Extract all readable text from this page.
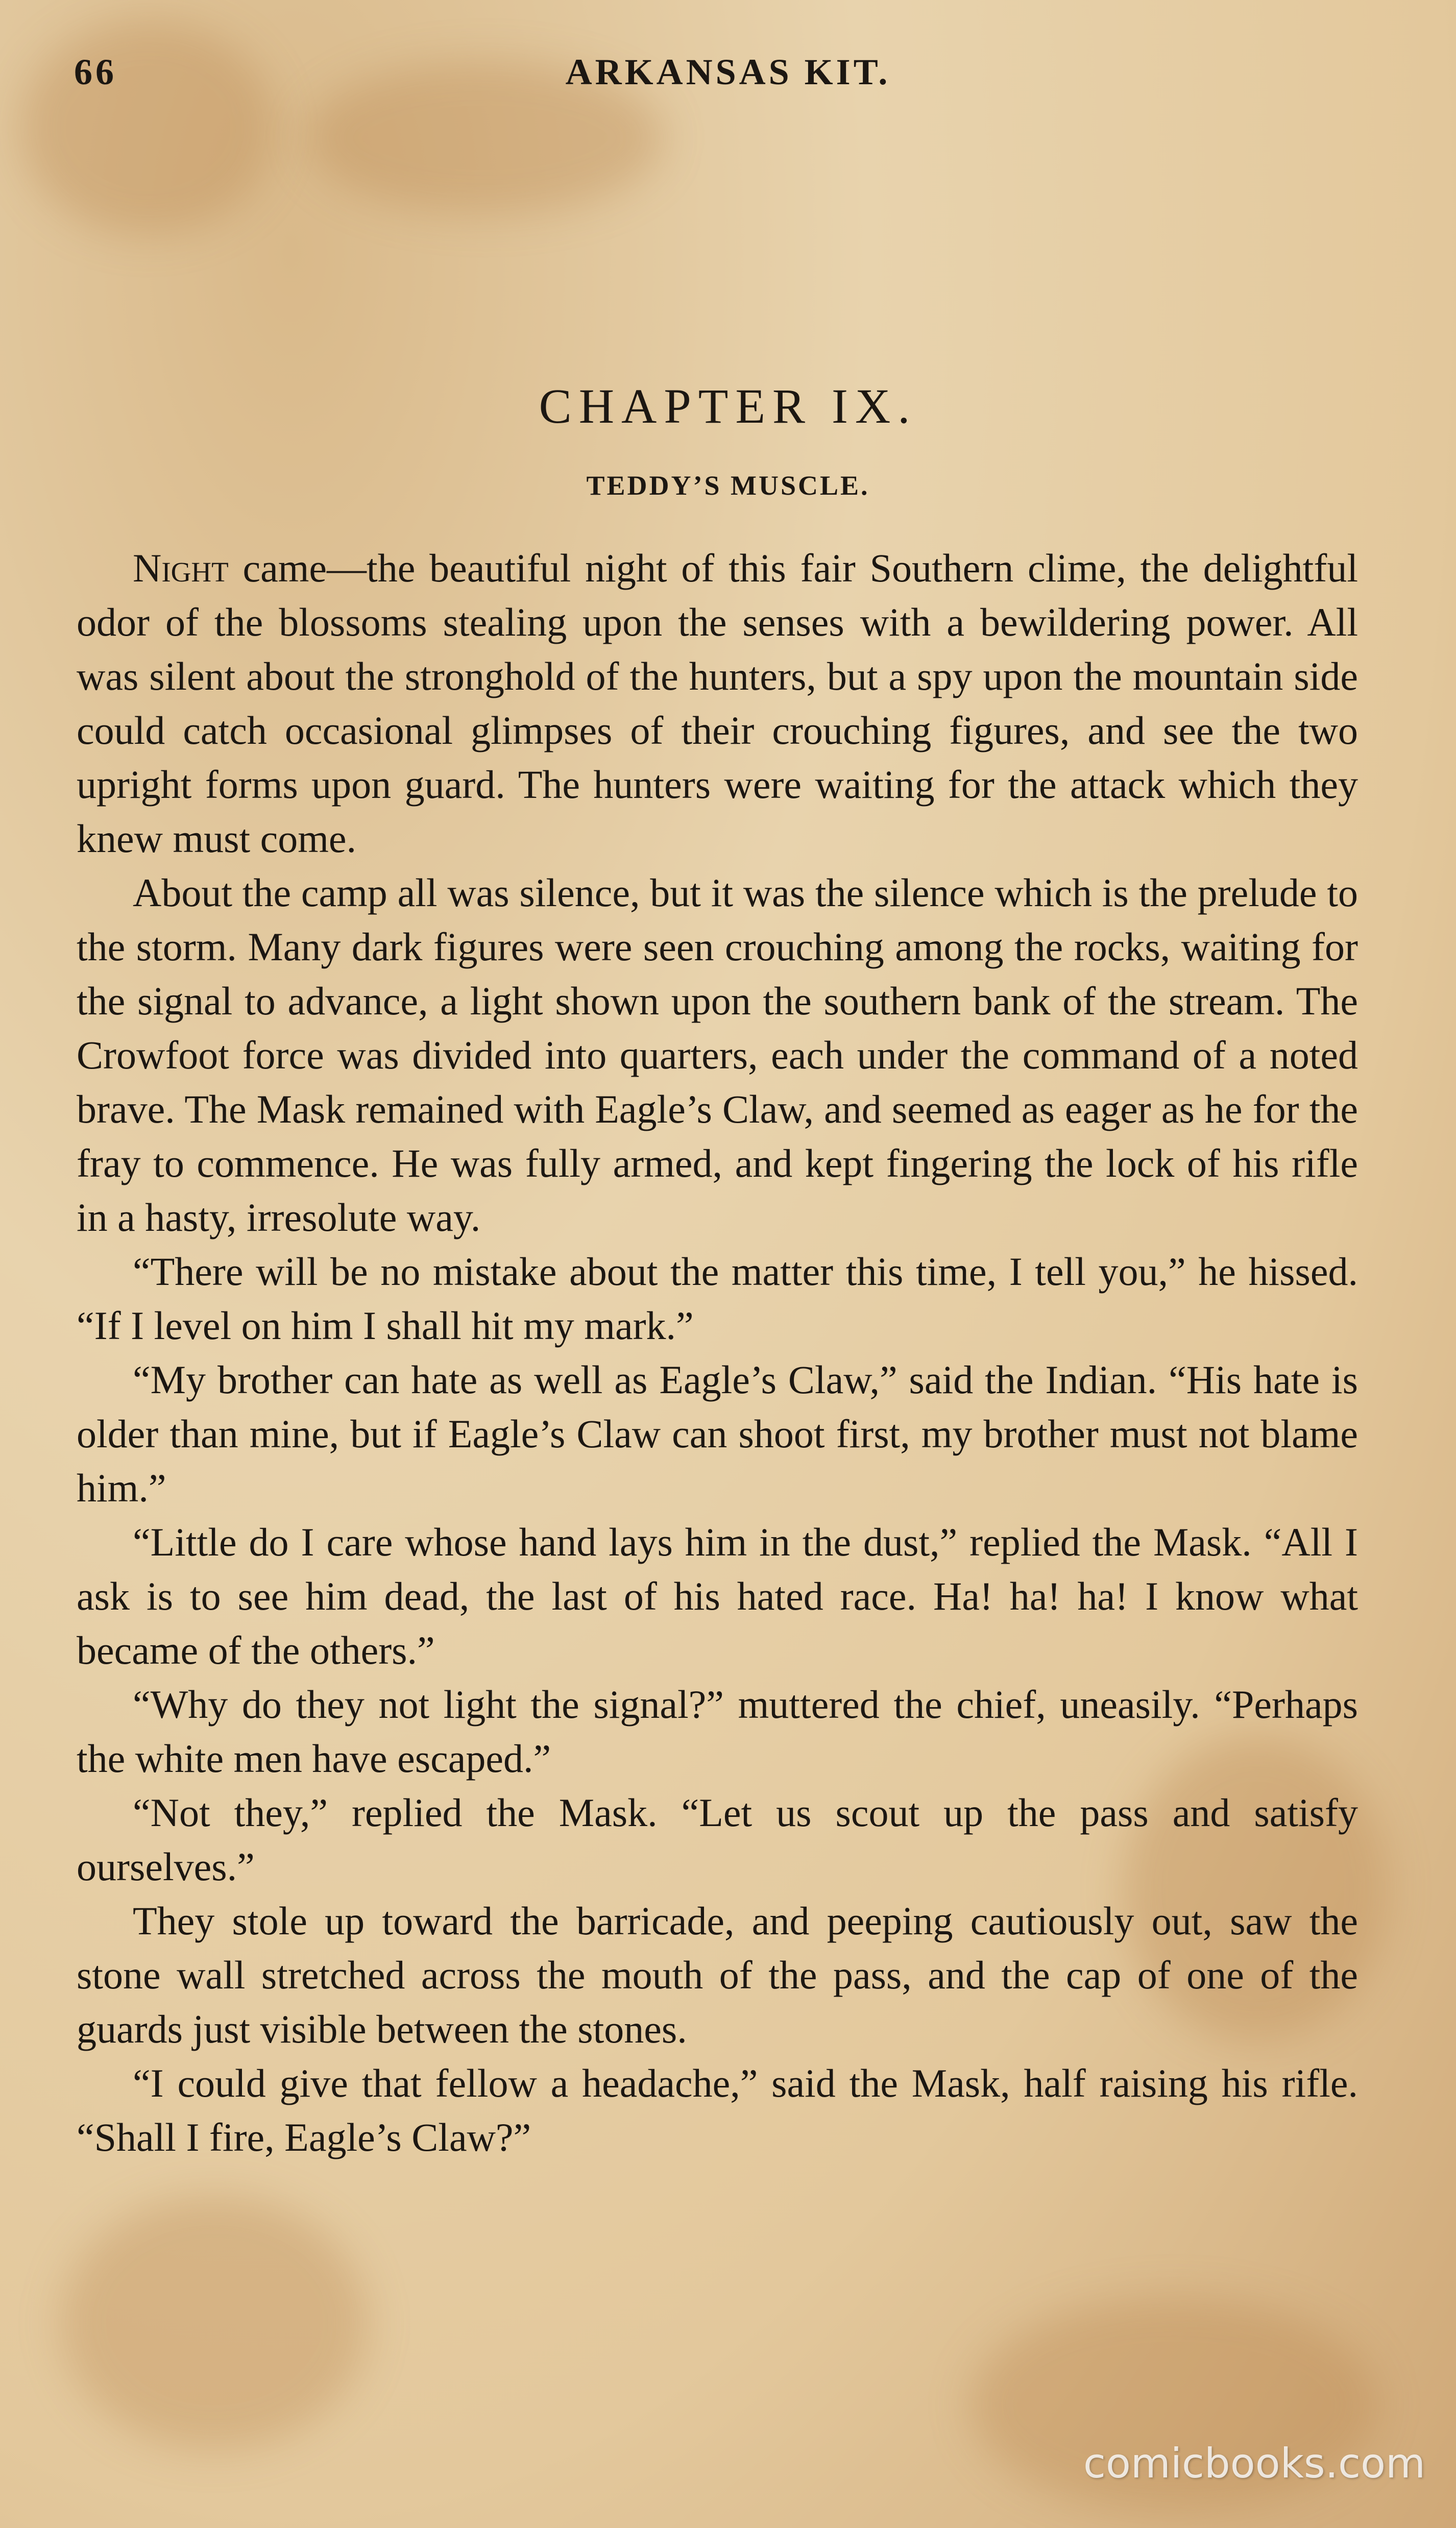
66	ARKANSAS KIT.
CHAPTER IX.
TEDDY’S MUSCLE.

Night came—the beautiful night of this fair Southern clime, the delightful odor of the blossoms stealing upon the senses with a bewildering power. All was silent about the stronghold of the hunters, but a spy upon the mountain side could catch occasional glimpses of their crouching figures, and see the two upright forms upon guard. The hunters were waiting for the attack which they knew must come.

About the camp all was silence, but it was the silence which is the prelude to the storm. Many dark figures were seen crouching among the rocks, waiting for the signal to advance, a light shown upon the southern bank of the stream. The Crowfoot force was divided into quarters, each under the command of a noted brave. The Mask remained with Eagle’s Claw, and seemed as eager as he for the fray to commence. He was fully armed, and kept fingering the lock of his rifle in a hasty, irresolute way.

“There will be no mistake about the matter this time, I tell you,” he hissed. “If I level on him I shall hit my mark.”

“My brother can hate as well as Eagle’s Claw,” said the Indian. “His hate is older than mine, but if Eagle’s Claw can shoot first, my brother must not blame him.”

“Little do I care whose hand lays him in the dust,” replied the Mask. “All I ask is to see him dead, the last of his hated race. Ha! ha! ha! I know what became of the others.”

“Why do they not light the signal?” muttered the chief, uneasily. “Perhaps the white men have escaped.”

“Not they,” replied the Mask. “Let us scout up the pass and satisfy ourselves.”

They stole up toward the barricade, and peeping cautiously out, saw the stone wall stretched across the mouth of the pass, and the cap of one of the guards just visible between the stones.

“I could give that fellow a headache,” said the Mask, half raising his rifle. “Shall I fire, Eagle’s Claw?”

comicbooks.com
